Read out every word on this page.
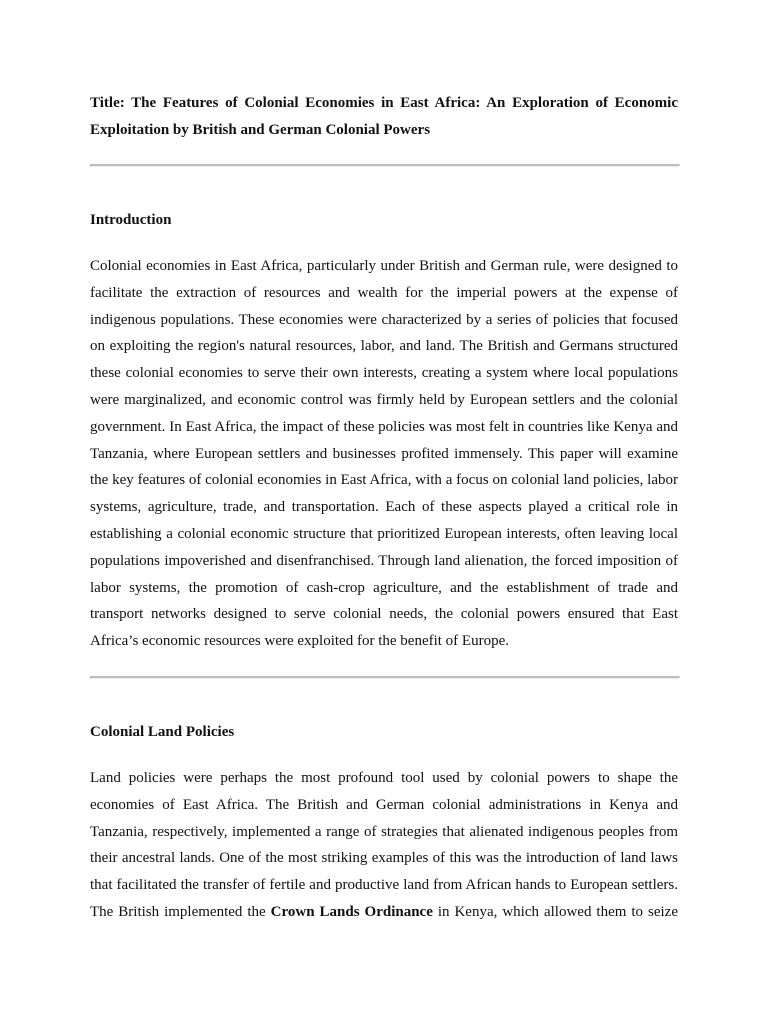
Title: The Features of Colonial Economies in East Africa: An Exploration of Economic Exploitation by British and German Colonial Powers

Introduction

Colonial economies in East Africa, particularly under British and German rule, were designed to facilitate the extraction of resources and wealth for the imperial powers at the expense of indigenous populations. These economies were characterized by a series of policies that focused on exploiting the region's natural resources, labor, and land. The British and Germans structured these colonial economies to serve their own interests, creating a system where local populations were marginalized, and economic control was firmly held by European settlers and the colonial government. In East Africa, the impact of these policies was most felt in countries like Kenya and Tanzania, where European settlers and businesses profited immensely. This paper will examine the key features of colonial economies in East Africa, with a focus on colonial land policies, labor systems, agriculture, trade, and transportation. Each of these aspects played a critical role in establishing a colonial economic structure that prioritized European interests, often leaving local populations impoverished and disenfranchised. Through land alienation, the forced imposition of labor systems, the promotion of cash-crop agriculture, and the establishment of trade and transport networks designed to serve colonial needs, the colonial powers ensured that East Africa’s economic resources were exploited for the benefit of Europe.

Colonial Land Policies

Land policies were perhaps the most profound tool used by colonial powers to shape the economies of East Africa. The British and German colonial administrations in Kenya and Tanzania, respectively, implemented a range of strategies that alienated indigenous peoples from their ancestral lands. One of the most striking examples of this was the introduction of land laws that facilitated the transfer of fertile and productive land from African hands to European settlers. The British implemented the Crown Lands Ordinance in Kenya, which allowed them to seize
